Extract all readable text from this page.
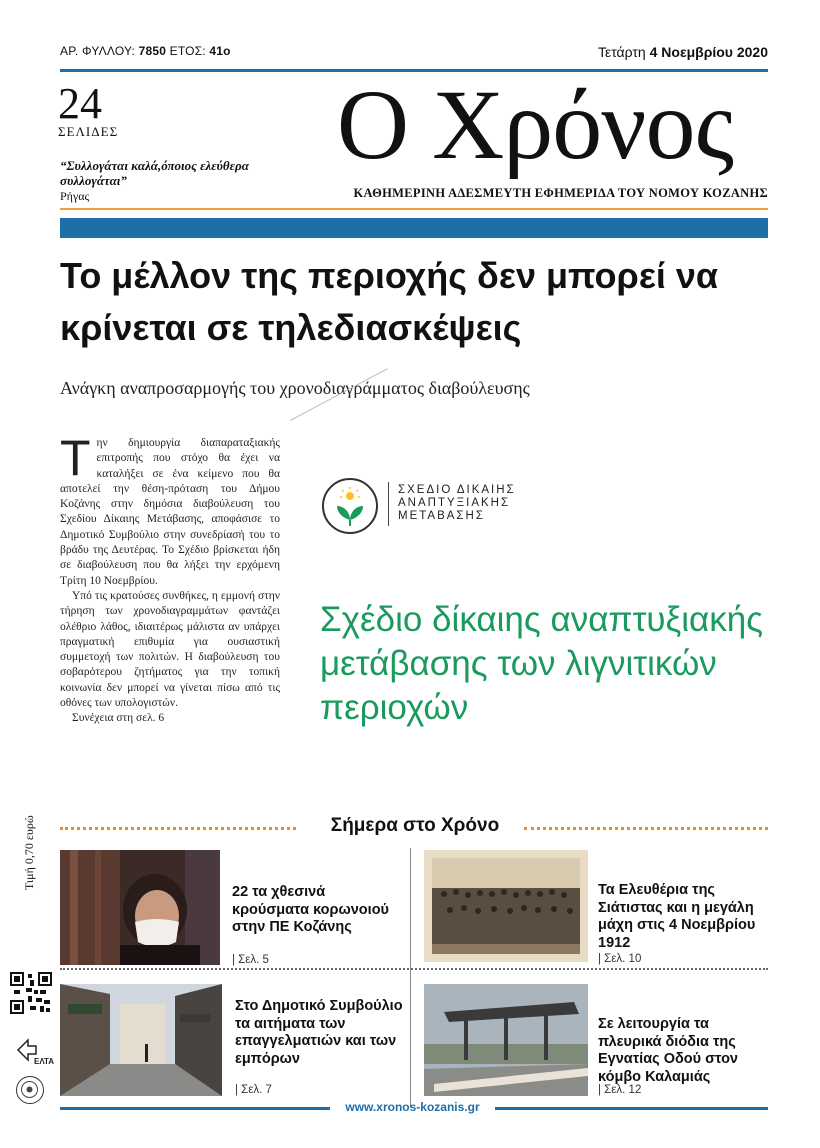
ΑΡ. ΦΥΛΛΟΥ: 7850 ΕΤΟΣ: 41ο	Τετάρτη 4 Νοεμβρίου 2020
24
ΣΕΛΙΔΕΣ
“Συλλογάται καλά,όποιος ελεύθερα συλλογάται”
Ρήγας
Ο Χρόνος
ΚΑΘΗΜΕΡΙΝΗ ΑΔΕΣΜΕΥΤΗ ΕΦΗΜΕΡΙΔΑ ΤΟΥ ΝΟΜΟΥ ΚΟΖΑΝΗΣ
Το μέλλον της περιοχής δεν μπορεί να κρίνεται σε τηλεδιασκέψεις
Ανάγκη αναπροσαρμογής του χρονοδιαγράμματος διαβούλευσης

Την δημιουργία διαπαραταξιακής επιτροπής που στόχο θα έχει να καταλήξει σε ένα κείμενο που θα αποτελεί την θέση-πρόταση του Δήμου Κοζάνης στην δημόσια διαβούλευση του Σχεδίου Δίκαιης Μετάβασης, αποφάσισε το Δημοτικό Συμβούλιο στην συνεδρίασή του το βράδυ της Δευτέρας. Το Σχέδιο βρίσκεται ήδη σε διαβούλευση που θα λήξει την ερχόμενη Τρίτη 10 Νοεμβρίου.

Υπό τις κρατούσες συνθήκες, η εμμονή στην τήρηση των χρονοδιαγραμμάτων φαντάζει ολέθριο λάθος, ιδιαιτέρως μάλιστα αν υπάρχει πραγματική επιθυμία για ουσιαστική συμμετοχή των πολιτών. Η διαβούλευση του σοβαρότερου ζητήματος για την τοπική κοινωνία δεν μπορεί να γίνεται πίσω από τις οθόνες των υπολογιστών.

Συνέχεια στη σελ. 6

ΣΧΕΔΙΟ ΔΙΚΑΙΗΣ
ΑΝΑΠΤΥΞΙΑΚΗΣ
ΜΕΤΑΒΑΣΗΣ
Σχέδιο δίκαιης αναπτυξιακής μετάβασης των λιγνιτικών περιοχών
Σήμερα στο Χρόνο
Τιμή 0,70 ευρώ
22 τα χθεσινά κρούσματα κορωνοιού στην ΠΕ Κοζάνης
| Σελ. 5
Τα Ελευθέρια της Σιάτιστας και η μεγάλη μάχη στις 4 Νοεμβρίου 1912
| Σελ. 10
Στο Δημοτικό Συμβούλιο τα αιτήματα των επαγγελματιών και των εμπόρων
| Σελ. 7
Σε λειτουργία τα πλευρικά διόδια της Εγνατίας Οδού στον κόμβο Καλαμιάς
| Σελ. 12
ΕΛΤΑ
www.xronos-kozanis.gr
